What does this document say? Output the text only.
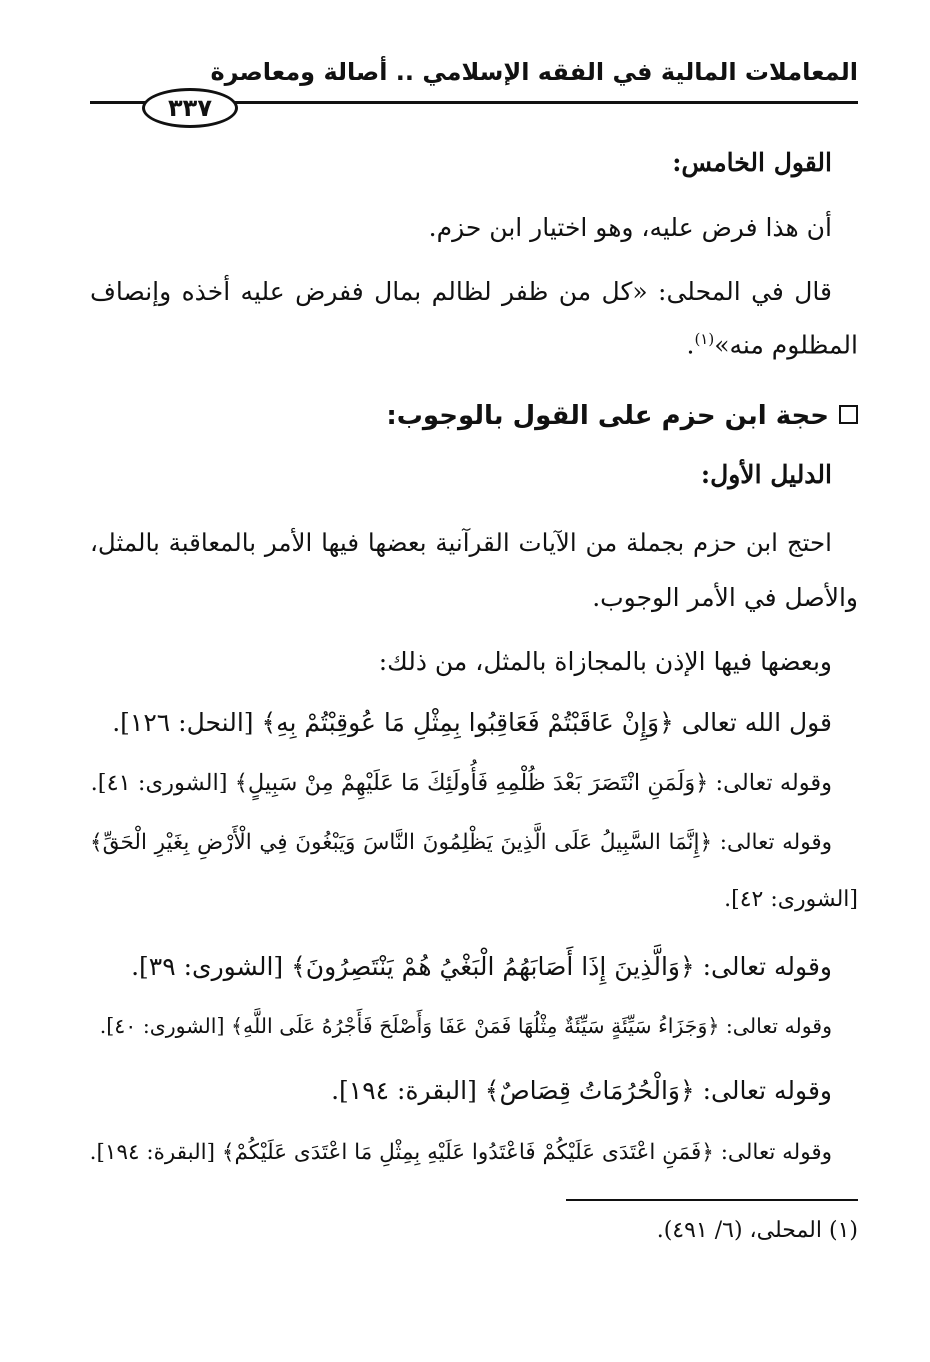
المعاملات المالية في الفقه الإسلامي .. أصالة ومعاصرة
٣٣٧
القول الخامس:
أن هذا فرض عليه، وهو اختيار ابن حزم.
قال في المحلى: «كل من ظفر لظالم بمال ففرض عليه أخذه وإنصاف
المظلوم منه»$^{(١)}$.
حجة ابن حزم على القول بالوجوب:
الدليل الأول:
احتج ابن حزم بجملة من الآيات القرآنية بعضها فيها الأمر بالمعاقبة بالمثل،
والأصل في الأمر الوجوب.
وبعضها فيها الإذن بالمجازاة بالمثل، من ذلك:
قول الله تعالى ﴿وَإِنْ عَاقَبْتُمْ فَعَاقِبُوا بِمِثْلِ مَا عُوقِبْتُمْ بِهِ﴾ [النحل: ١٢٦].
وقوله تعالى: ﴿وَلَمَنِ انْتَصَرَ بَعْدَ ظُلْمِهِ فَأُولَئِكَ مَا عَلَيْهِمْ مِنْ سَبِيلٍ﴾ [الشورى: ٤١].
وقوله تعالى: ﴿إِنَّمَا السَّبِيلُ عَلَى الَّذِينَ يَظْلِمُونَ النَّاسَ وَيَبْغُونَ فِي الْأَرْضِ بِغَيْرِ الْحَقِّ﴾
[الشورى: ٤٢].
وقوله تعالى: ﴿وَالَّذِينَ إِذَا أَصَابَهُمُ الْبَغْيُ هُمْ يَنْتَصِرُونَ﴾ [الشورى: ٣٩].
وقوله تعالى: ﴿وَجَزَاءُ سَيِّئَةٍ سَيِّئَةٌ مِثْلُهَا فَمَنْ عَفَا وَأَصْلَحَ فَأَجْرُهُ عَلَى اللَّهِ﴾ [الشورى: ٤٠].
وقوله تعالى: ﴿وَالْحُرُمَاتُ قِصَاصٌ﴾ [البقرة: ١٩٤].
وقوله تعالى: ﴿فَمَنِ اعْتَدَى عَلَيْكُمْ فَاعْتَدُوا عَلَيْهِ بِمِثْلِ مَا اعْتَدَى عَلَيْكُمْ﴾ [البقرة: ١٩٤].
(١) المحلى، (٦/ ٤٩١).
